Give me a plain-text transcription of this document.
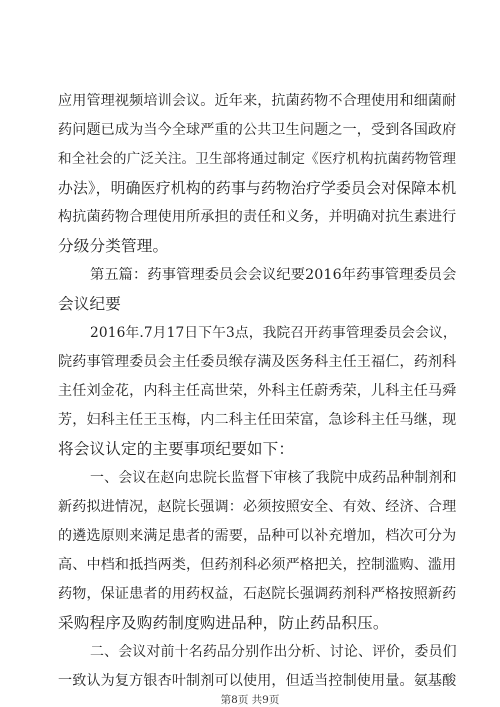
应用管理视频培训会议。近年来，抗菌药物不合理使用和细菌耐
药问题已成为当今全球严重的公共卫生问题之一，受到各国政府
和全社会的广泛关注。卫生部将通过制定《医疗机构抗菌药物管理
办法》，明确医疗机构的药事与药物治疗学委员会对保障本机
构抗菌药物合理使用所承担的责任和义务，并明确对抗生素进行
分级分类管理。
第五篇：药事管理委员会会议纪要2016年药事管理委员会
会议纪要
2016年.7月17日下午3点，我院召开药事管理委员会会议，
院药事管理委员会主任委员缑存满及医务科主任王福仁，药剂科
主任刘金花，内科主任高世荣，外科主任蔚秀荣，儿科主任马舜
芳，妇科主任王玉梅，内二科主任田荣富，急诊科主任马继，现
将会议认定的主要事项纪要如下：
一、会议在赵向忠院长监督下审核了我院中成药品种制剂和
新药拟进情况，赵院长强调：必须按照安全、有效、经济、合理
的遴选原则来满足患者的需要，品种可以补充增加，档次可分为
高、中档和抵挡两类，但药剂科必须严格把关，控制滥购、滥用
药物，保证患者的用药权益，石赵院长强调药剂科严格按照新药
采购程序及购药制度购进品种，防止药品积压。
二、会议对前十名药品分别作出分析、讨论、评价，委员们
一致认为复方银杏叶制剂可以使用，但适当控制使用量。氨基酸
第8页 共9页
